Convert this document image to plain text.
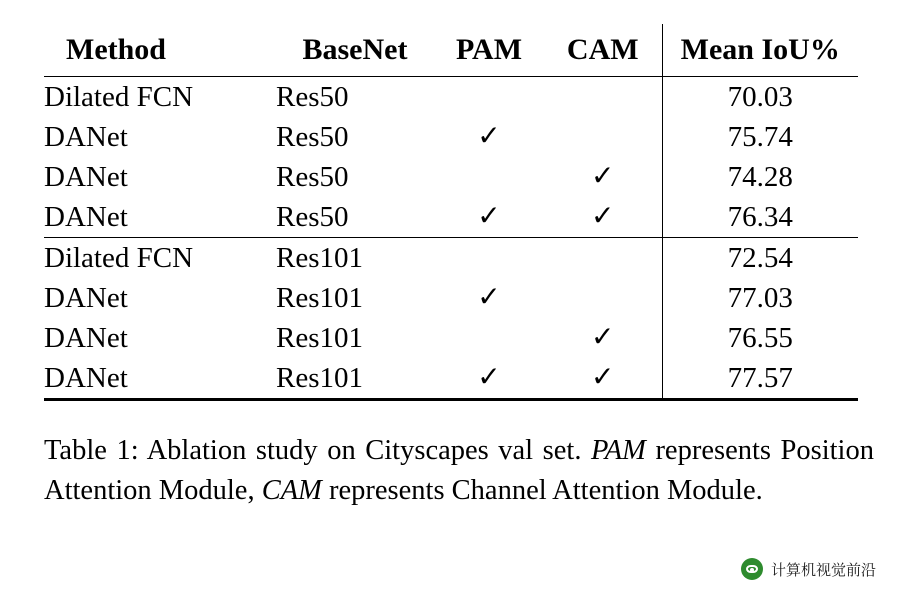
Method	BaseNet	PAM	CAM	Mean IoU%
Dilated FCN	Res50			70.03
DANet	Res50	✓		75.74
DANet	Res50		✓	74.28
DANet	Res50	✓	✓	76.34
Dilated FCN	Res101			72.54
DANet	Res101	✓		77.03
DANet	Res101		✓	76.55
DANet	Res101	✓	✓	77.57

Table 1: Ablation study on Cityscapes val set. PAM represents Position Attention Module, CAM represents Channel Attention Module.
计算机视觉前沿
